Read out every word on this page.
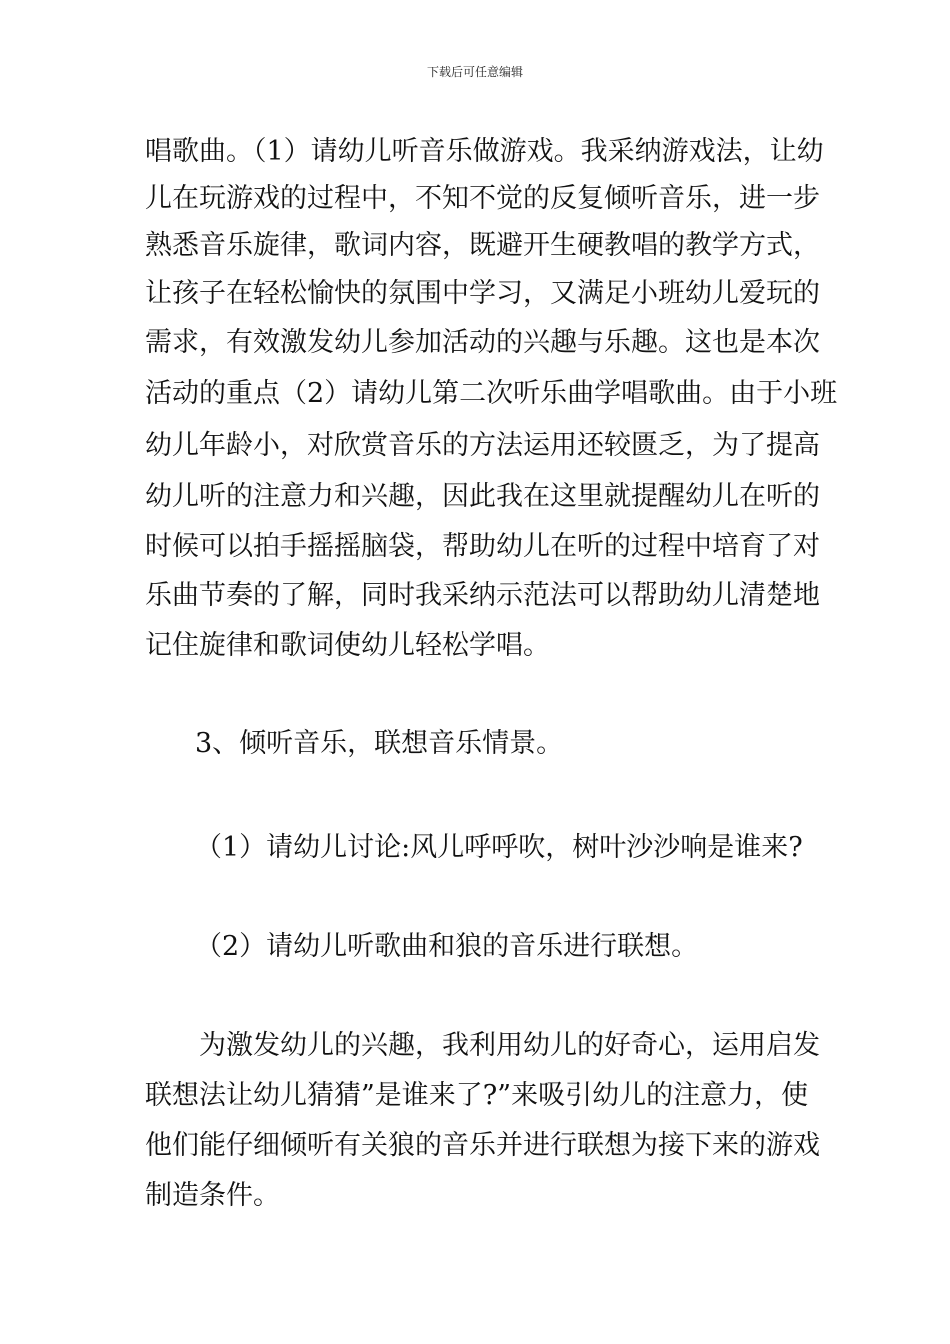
下载后可任意编辑
唱歌曲。（1）请幼儿听音乐做游戏。我采纳游戏法，让幼
儿在玩游戏的过程中，不知不觉的反复倾听音乐，进一步
熟悉音乐旋律，歌词内容，既避开生硬教唱的教学方式，
让孩子在轻松愉快的氛围中学习，又满足小班幼儿爱玩的
需求，有效激发幼儿参加活动的兴趣与乐趣。这也是本次
活动的重点（2）请幼儿第二次听乐曲学唱歌曲。由于小班
幼儿年龄小，对欣赏音乐的方法运用还较匮乏，为了提高
幼儿听的注意力和兴趣，因此我在这里就提醒幼儿在听的
时候可以拍手摇摇脑袋，帮助幼儿在听的过程中培育了对
乐曲节奏的了解，同时我采纳示范法可以帮助幼儿清楚地
记住旋律和歌词使幼儿轻松学唱。
3、倾听音乐，联想音乐情景。
（1）请幼儿讨论:风儿呼呼吹，树叶沙沙响是谁来?
（2）请幼儿听歌曲和狼的音乐进行联想。
为激发幼儿的兴趣，我利用幼儿的好奇心，运用启发
联想法让幼儿猜猜”是谁来了?”来吸引幼儿的注意力，使
他们能仔细倾听有关狼的音乐并进行联想为接下来的游戏
制造条件。
